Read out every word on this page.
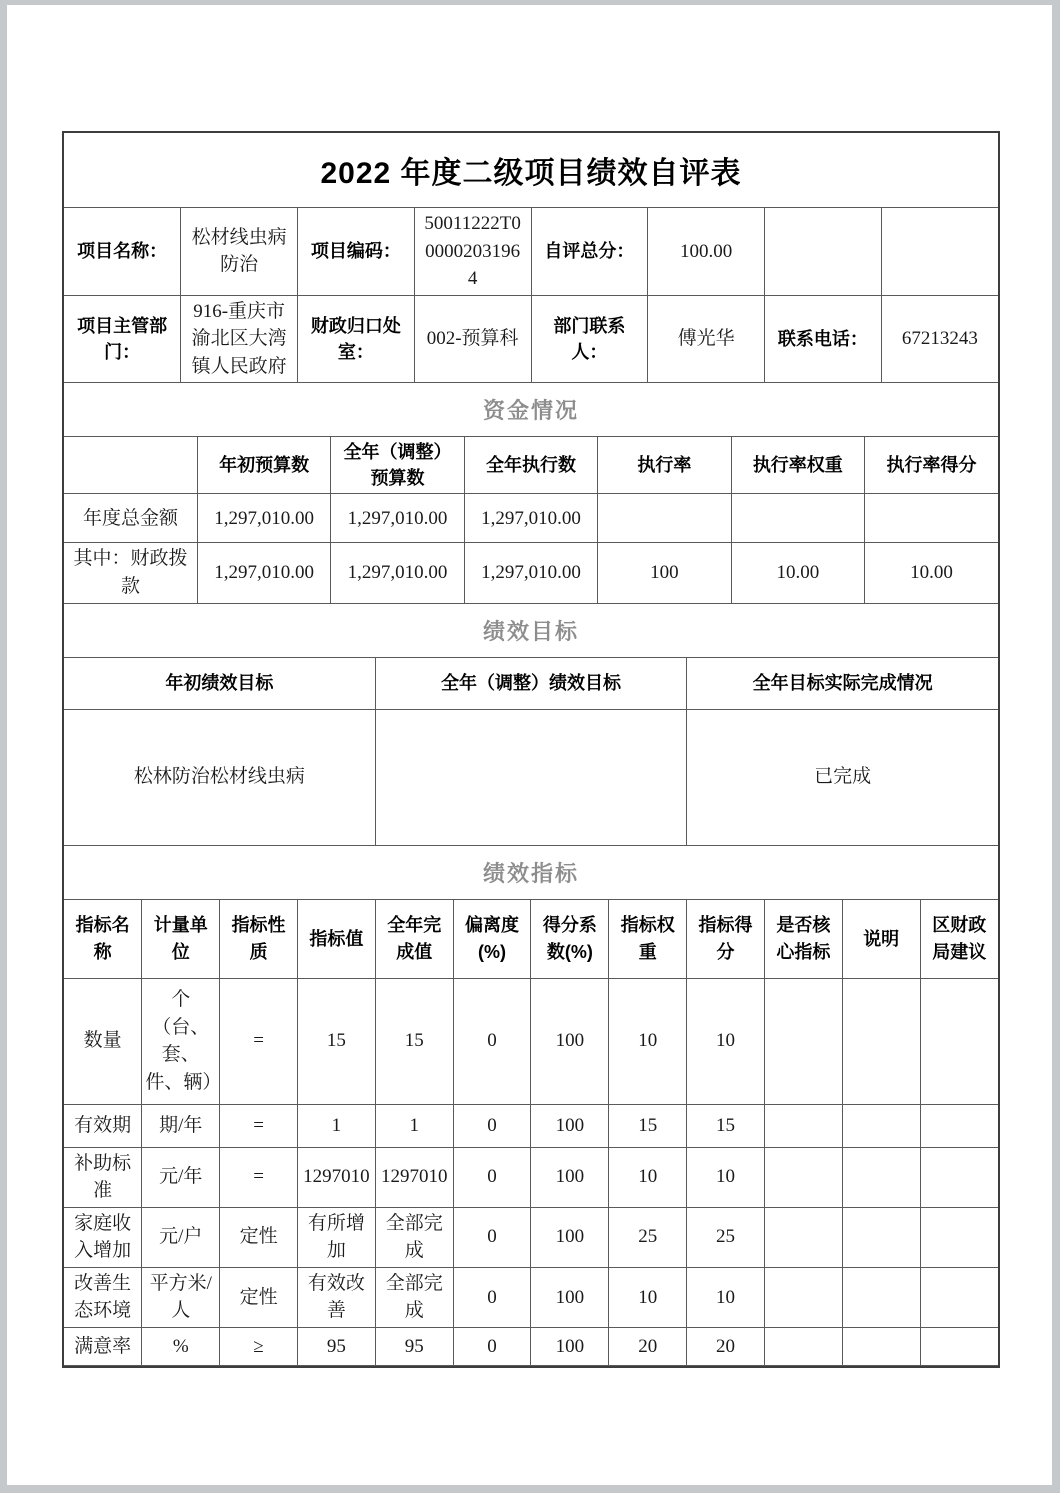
2022 年度二级项目绩效自评表
项目名称：	松材线虫病防治	项目编码：	50011222T000002031964	自评总分：	100.00		
项目主管部门：	916-重庆市渝北区大湾镇人民政府	财政归口处室：	002-预算科	部门联系人：	傅光华	联系电话：	67213243
资金情况
	年初预算数	全年（调整）预算数	全年执行数	执行率	执行率权重	执行率得分
年度总金额	1,297,010.00	1,297,010.00	1,297,010.00			
其中：财政拨款	1,297,010.00	1,297,010.00	1,297,010.00	100	10.00	10.00
绩效目标
年初绩效目标	全年（调整）绩效目标	全年目标实际完成情况
松林防治松材线虫病		已完成
绩效指标
指标名称	计量单位	指标性质	指标值	全年完成值	偏离度(%)	得分系数(%)	指标权重	指标得分	是否核心指标	说明	区财政局建议
数量	个（台、套、件、辆）	=	15	15	0	100	10	10			
有效期	期/年	=	1	1	0	100	15	15			
补助标准	元/年	=	1297010	1297010	0	100	10	10			
家庭收入增加	元/户	定性	有所增加	全部完成	0	100	25	25			
改善生态环境	平方米/人	定性	有效改善	全部完成	0	100	10	10			
满意率	%	≥	95	95	0	100	20	20			
